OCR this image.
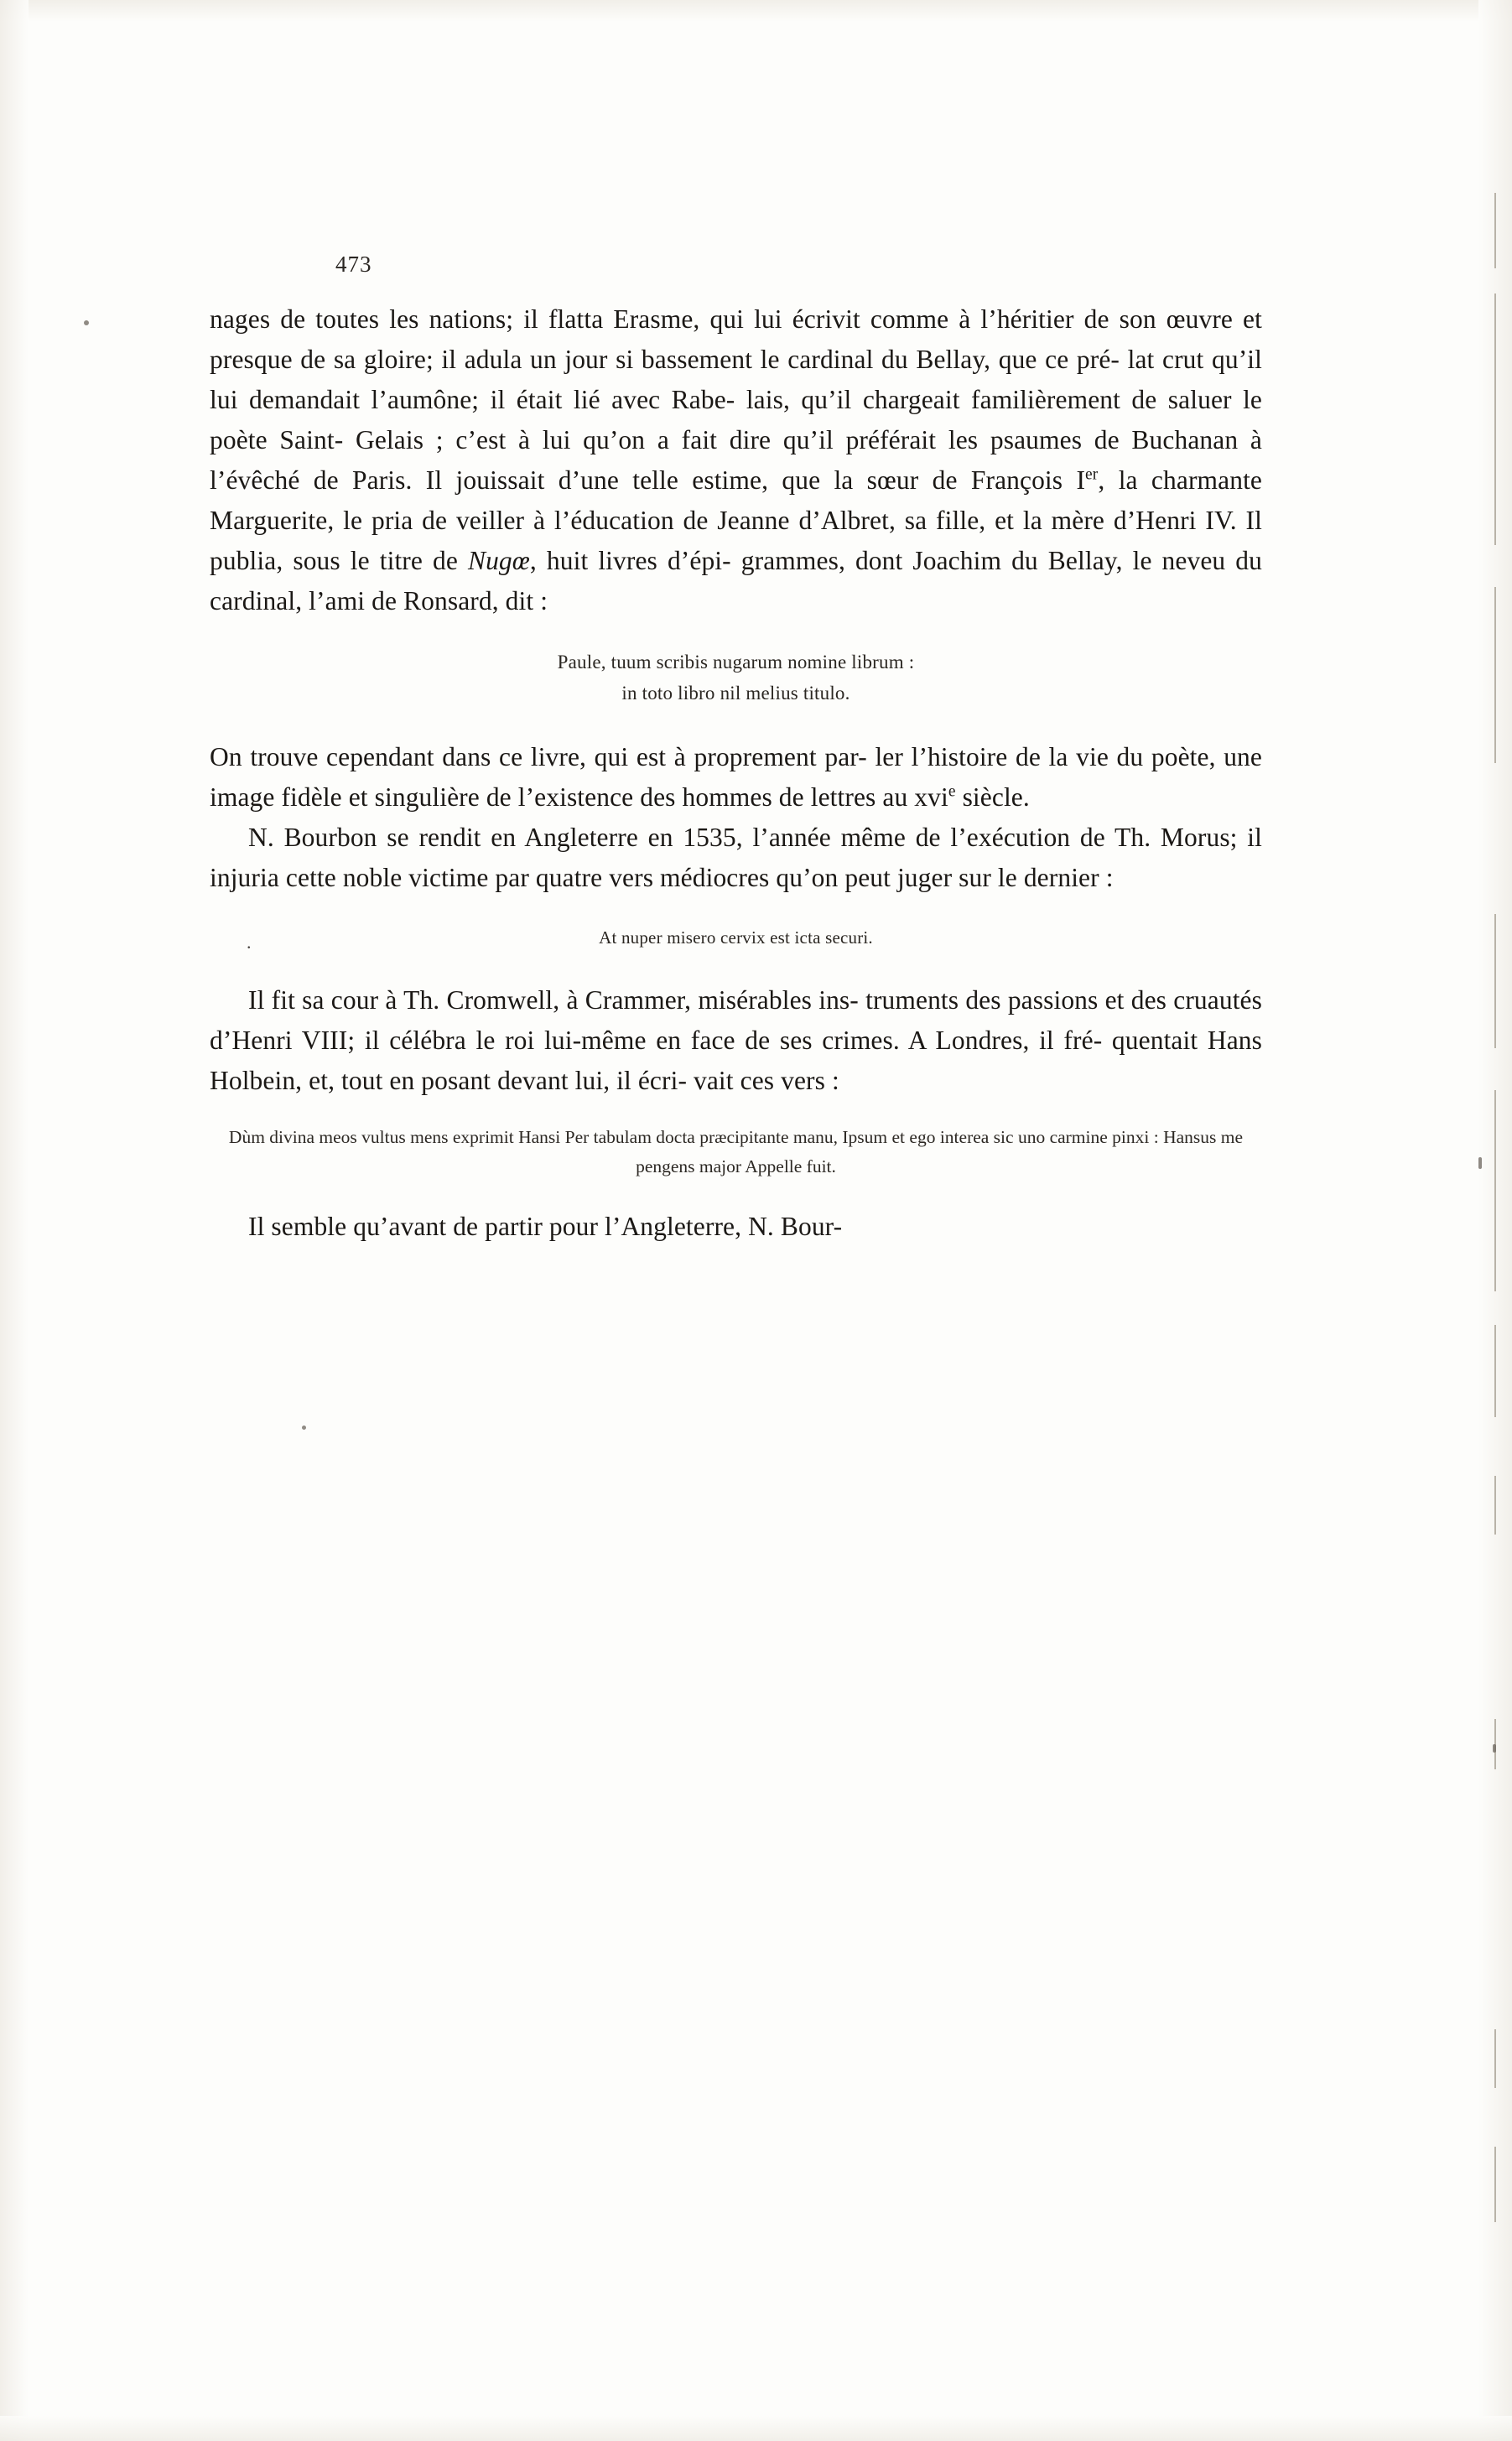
473

nages de toutes les nations; il flatta Erasme, qui lui écrivit comme à l’héritier de son œuvre et presque de sa gloire; il adula un jour si bassement le cardinal du Bellay, que ce pré- lat crut qu’il lui demandait l’aumône; il était lié avec Rabe- lais, qu’il chargeait familièrement de saluer le poète Saint- Gelais ; c’est à lui qu’on a fait dire qu’il préférait les psaumes de Buchanan à l’évêché de Paris. Il jouissait d’une telle estime, que la sœur de François Ier, la charmante Marguerite, le pria de veiller à l’éducation de Jeanne d’Albret, sa fille, et la mère d’Henri IV. Il publia, sous le titre de Nugœ, huit livres d’épi- grammes, dont Joachim du Bellay, le neveu du cardinal, l’ami de Ronsard, dit :

Paule, tuum scribis nugarum nomine librum :
in toto libro nil melius titulo.

On trouve cependant dans ce livre, qui est à proprement par- ler l’histoire de la vie du poète, une image fidèle et singulière de l’existence des hommes de lettres au xvi$^e$ siècle.

N. Bourbon se rendit en Angleterre en 1535, l’année même de l’exécution de Th. Morus; il injuria cette noble victime par quatre vers médiocres qu’on peut juger sur le dernier :

.	At nuper misero cervix est icta securi.

Il fit sa cour à Th. Cromwell, à Crammer, misérables ins- truments des passions et des cruautés d’Henri VIII; il célébra le roi lui-même en face de ses crimes. A Londres, il fré- quentait Hans Holbein, et, tout en posant devant lui, il écri- vait ces vers :

Dùm divina meos vultus mens exprimit Hansi Per tabulam docta præcipitante manu, Ipsum et ego interea sic uno carmine pinxi : Hansus me pengens major Appelle fuit.

Il semble qu’avant de partir pour l’Angleterre, N. Bour-
